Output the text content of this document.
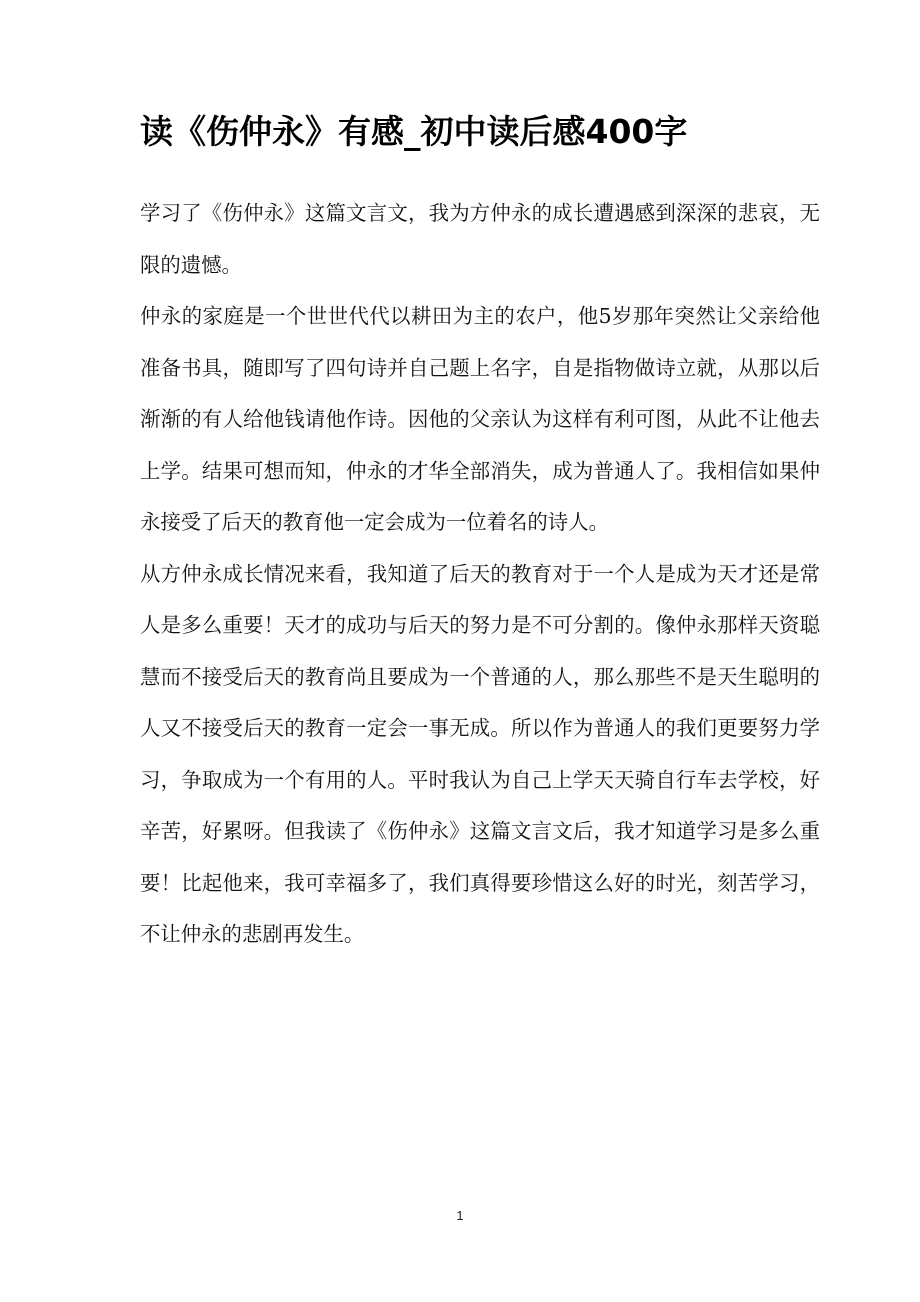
读《伤仲永》有感_初中读后感400字

学习了《伤仲永》这篇文言文，我为方仲永的成长遭遇感到深深的悲哀，无限的遗憾。

仲永的家庭是一个世世代代以耕田为主的农户，他5岁那年突然让父亲给他准备书具，随即写了四句诗并自己题上名字，自是指物做诗立就，从那以后渐渐的有人给他钱请他作诗。因他的父亲认为这样有利可图，从此不让他去上学。结果可想而知，仲永的才华全部消失，成为普通人了。我相信如果仲永接受了后天的教育他一定会成为一位着名的诗人。

从方仲永成长情况来看，我知道了后天的教育对于一个人是成为天才还是常人是多么重要！天才的成功与后天的努力是不可分割的。像仲永那样天资聪慧而不接受后天的教育尚且要成为一个普通的人，那么那些不是天生聪明的人又不接受后天的教育一定会一事无成。所以作为普通人的我们更要努力学习，争取成为一个有用的人。平时我认为自己上学天天骑自行车去学校，好辛苦，好累呀。但我读了《伤仲永》这篇文言文后，我才知道学习是多么重要！比起他来，我可幸福多了，我们真得要珍惜这么好的时光，刻苦学习，不让仲永的悲剧再发生。

1
